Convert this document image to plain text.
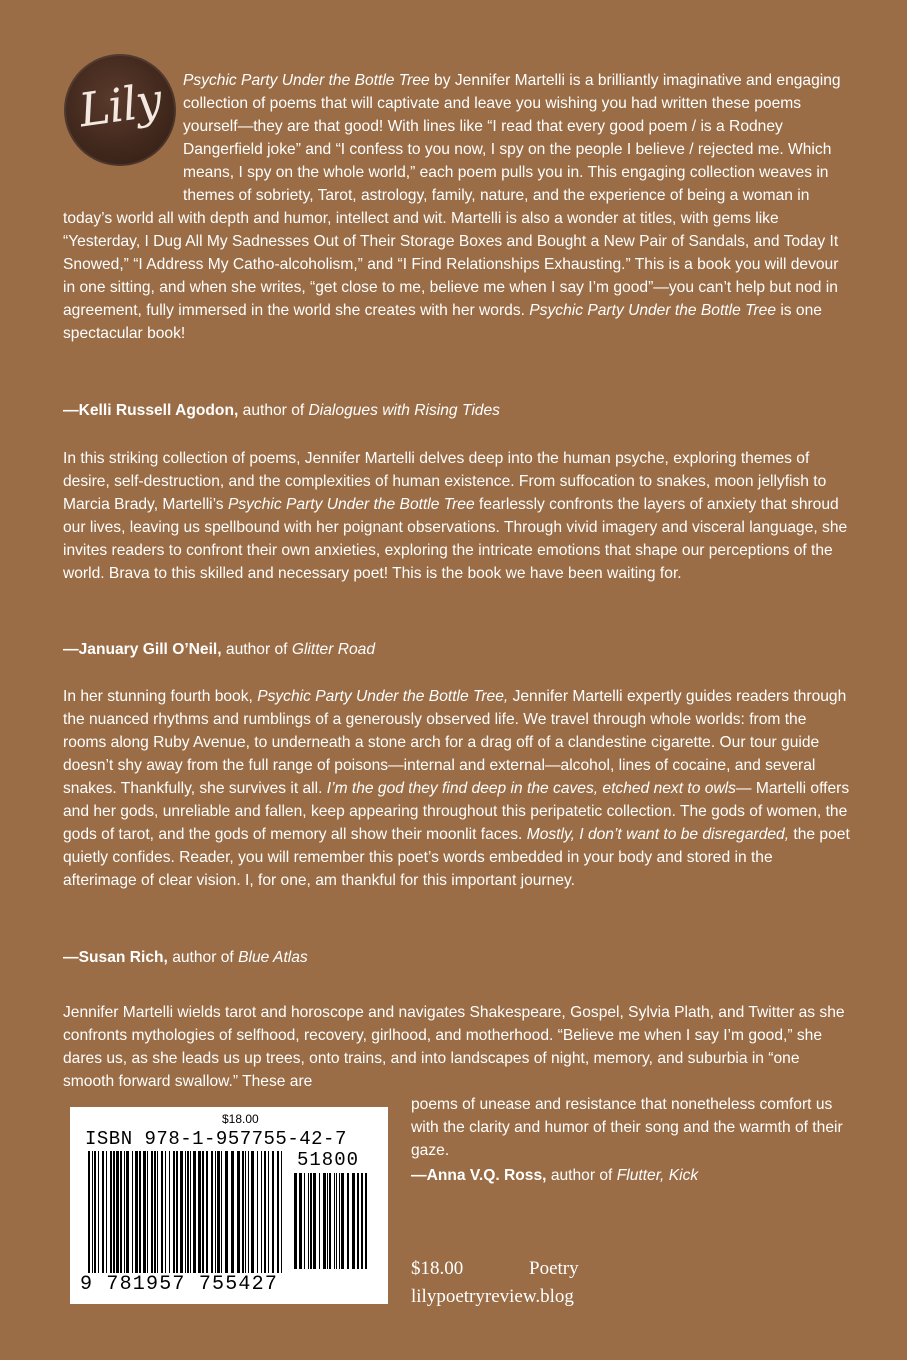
Lily	Psychic Party Under the Bottle Tree by Jennifer Martelli is a brilliantly imaginative and engaging collection of poems that will captivate and leave you wishing you had written these poems yourself—they are that good! With lines like “I read that every good poem / is a Rodney Dangerfield joke” and “I confess to you now, I spy on the people I believe / rejected me. Which means, I spy on the whole world,” each poem pulls you in. This engaging collection weaves in themes of sobriety, Tarot, astrology, family, nature, and the experience of being a woman in today’s world all with depth and humor, intellect and wit. Martelli is also a wonder at titles, with gems like “Yesterday, I Dug All My Sadnesses Out of Their Storage Boxes and Bought a New Pair of Sandals, and Today It Snowed,” “I Address My Catho-alcoholism,” and “I Find Relationships Exhausting.” This is a book you will devour in one sitting, and when she writes, “get close to me, believe me when I say I’m good”—you can’t help but nod in agreement, fully immersed in the world she creates with her words. Psychic Party Under the Bottle Tree is one spectacular book!

—Kelli Russell Agodon, author of Dialogues with Rising Tides

In this striking collection of poems, Jennifer Martelli delves deep into the human psyche, exploring themes of desire, self-destruction, and the complexities of human existence. From suffocation to snakes, moon jellyfish to Marcia Brady, Martelli’s Psychic Party Under the Bottle Tree fearlessly confronts the layers of anxiety that shroud our lives, leaving us spellbound with her poignant observations. Through vivid imagery and visceral language, she invites readers to confront their own anxieties, exploring the intricate emotions that shape our perceptions of the world. Brava to this skilled and necessary poet! This is the book we have been waiting for.

—January Gill O’Neil, author of Glitter Road

In her stunning fourth book, Psychic Party Under the Bottle Tree, Jennifer Martelli expertly guides readers through the nuanced rhythms and rumblings of a generously observed life. We travel through whole worlds: from the rooms along Ruby Avenue, to underneath a stone arch for a drag off of a clandestine cigarette. Our tour guide doesn’t shy away from the full range of poisons—internal and external—alcohol, lines of cocaine, and several snakes. Thankfully, she survives it all. I’m the god they find deep in the caves, etched next to owls— Martelli offers and her gods, unreliable and fallen, keep appearing throughout this peripatetic collection. The gods of women, the gods of tarot, and the gods of memory all show their moonlit faces. Mostly, I don’t want to be disregarded, the poet quietly confides. Reader, you will remember this poet’s words embedded in your body and stored in the afterimage of clear vision. I, for one, am thankful for this important journey.

—Susan Rich, author of Blue Atlas

Jennifer Martelli wields tarot and horoscope and navigates Shakespeare, Gospel, Sylvia Plath, and Twitter as she confronts mythologies of selfhood, recovery, girlhood, and motherhood. “Believe me when I say I’m good,” she dares us, as she leads us up trees, onto trains, and into landscapes of night, memory, and suburbia in “one smooth forward swallow.” These are

poems of unease and resistance that nonetheless comfort us with the clarity and humor of their song and the warmth of their gaze.

—Anna V.Q. Ross, author of Flutter, Kick
$18.00
ISBN 978-1-957755-42-7
51800
9 781957 755427
$18.00	Poetry
lilypoetryreview.blog
